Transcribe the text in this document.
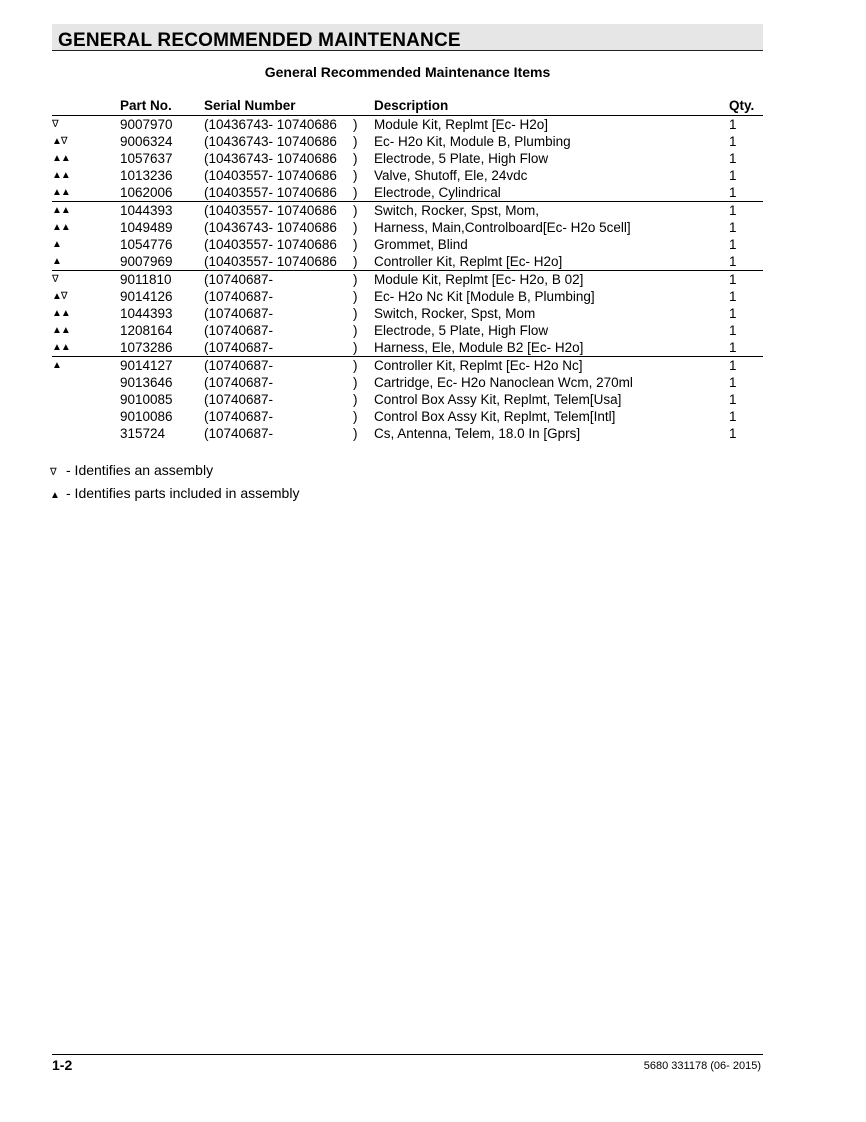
GENERAL RECOMMENDED MAINTENANCE
General Recommended Maintenance Items
	Part No.	Serial Number		Description	Qty.
∇	9007970	(10436743- 10740686	)	Module Kit, Replmt [Ec- H2o]	1
▲∇	9006324	(10436743- 10740686	)	Ec- H2o Kit, Module B, Plumbing	1
▲▲	1057637	(10436743- 10740686	)	Electrode, 5 Plate, High Flow	1
▲▲	1013236	(10403557- 10740686	)	Valve, Shutoff, Ele, 24vdc	1
▲▲	1062006	(10403557- 10740686	)	Electrode, Cylindrical	1
▲▲	1044393	(10403557- 10740686	)	Switch, Rocker, Spst, Mom,	1
▲▲	1049489	(10436743- 10740686	)	Harness, Main,Controlboard[Ec- H2o 5cell]	1
▲	1054776	(10403557- 10740686	)	Grommet, Blind	1
▲	9007969	(10403557- 10740686	)	Controller Kit, Replmt [Ec- H2o]	1
∇	9011810	(10740687-	)	Module Kit, Replmt [Ec- H2o, B 02]	1
▲∇	9014126	(10740687-	)	Ec- H2o Nc Kit [Module B, Plumbing]	1
▲▲	1044393	(10740687-	)	Switch, Rocker, Spst, Mom	1
▲▲	1208164	(10740687-	)	Electrode, 5 Plate, High Flow	1
▲▲	1073286	(10740687-	)	Harness, Ele, Module B2 [Ec- H2o]	1
▲	9014127	(10740687-	)	Controller Kit, Replmt [Ec- H2o Nc]	1
	9013646	(10740687-	)	Cartridge, Ec- H2o Nanoclean Wcm, 270ml	1
	9010085	(10740687-	)	Control Box Assy Kit, Replmt, Telem[Usa]	1
	9010086	(10740687-	)	Control Box Assy Kit, Replmt, Telem[Intl]	1
	315724	(10740687-	)	Cs, Antenna, Telem, 18.0 In [Gprs]	1
∇ - Identifies an assembly
▲ - Identifies parts included in assembly
1-2	5680 331178 (06- 2015)
